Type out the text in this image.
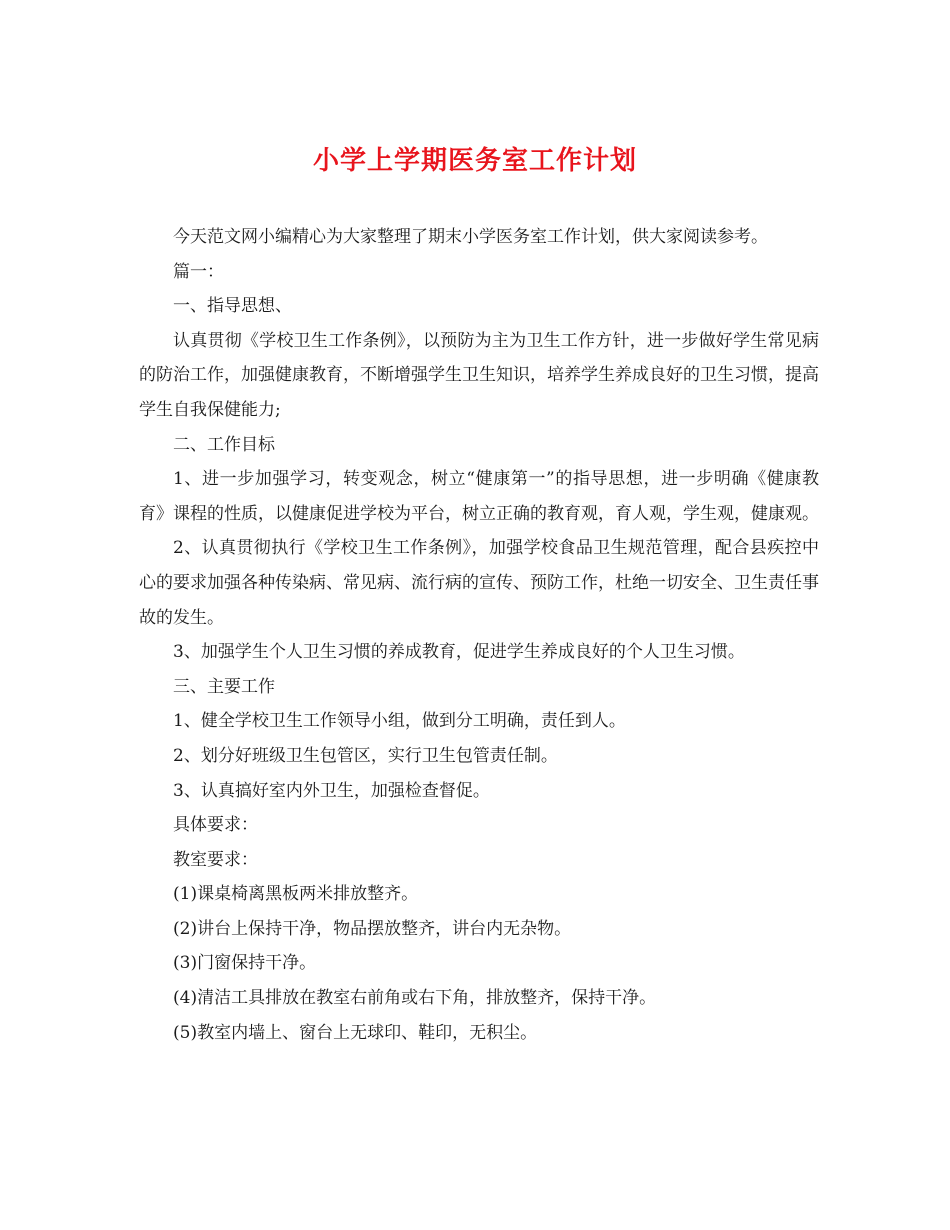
小学上学期医务室工作计划

今天范文网小编精心为大家整理了期末小学医务室工作计划，供大家阅读参考。

篇一：

一、指导思想、

认真贯彻《学校卫生工作条例》，以预防为主为卫生工作方针，进一步做好学生常见病的防治工作，加强健康教育，不断增强学生卫生知识，培养学生养成良好的卫生习惯，提高学生自我保健能力;

二、工作目标

1、进一步加强学习，转变观念，树立“健康第一”的指导思想，进一步明确《健康教育》课程的性质，以健康促进学校为平台，树立正确的教育观，育人观，学生观，健康观。

2、认真贯彻执行《学校卫生工作条例》，加强学校食品卫生规范管理，配合县疾控中心的要求加强各种传染病、常见病、流行病的宣传、预防工作，杜绝一切安全、卫生责任事故的发生。

3、加强学生个人卫生习惯的养成教育，促进学生养成良好的个人卫生习惯。

三、主要工作

1、健全学校卫生工作领导小组，做到分工明确，责任到人。

2、划分好班级卫生包管区，实行卫生包管责任制。

3、认真搞好室内外卫生，加强检查督促。

具体要求：

教室要求：

(1)课桌椅离黑板两米排放整齐。

(2)讲台上保持干净，物品摆放整齐，讲台内无杂物。

(3)门窗保持干净。

(4)清洁工具排放在教室右前角或右下角，排放整齐，保持干净。

(5)教室内墙上、窗台上无球印、鞋印，无积尘。
